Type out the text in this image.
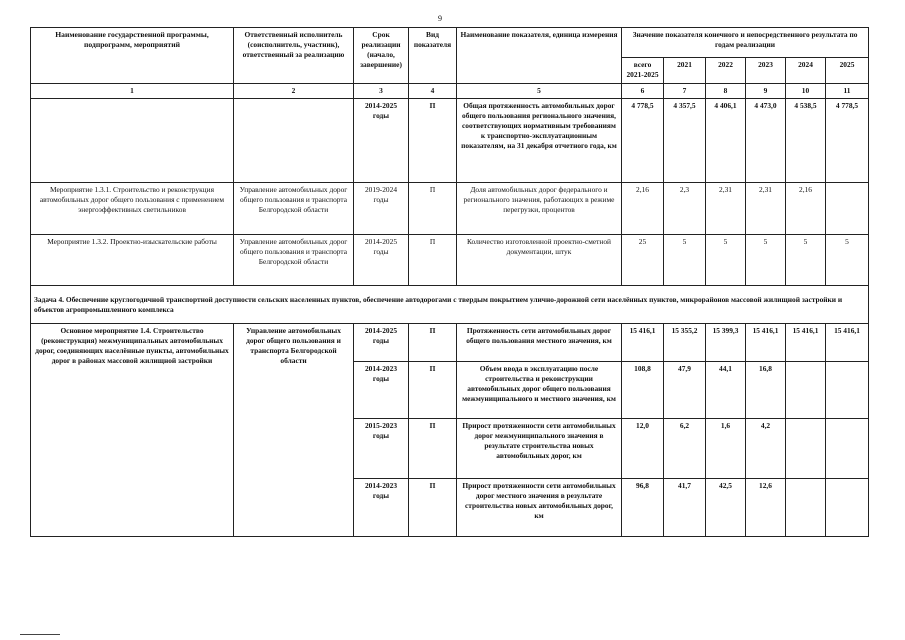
9
Наименование государственной программы, подпрограмм, мероприятий	Ответственный исполнитель (соисполнитель, участник), ответственный за реализацию	Срок реализации (начало, завершение)	Вид показателя	Наименование показателя, единица измерения	Значение показателя конечного и непосредственного результата по годам реализации					
					всего 2021-2025	2021	2022	2023	2024	2025
1	2	3	4	5	6	7	8	9	10	11
		2014-2025 годы	П	Общая протяженность автомобильных дорог общего пользования регионального значения, соответствующих нормативным требованиям к транспортно-эксплуатационным показателям, на 31 декабря отчетного года, км	4 778,5	4 357,5	4 406,1	4 473,0	4 538,5	4 778,5
Мероприятие 1.3.1. Строительство и реконструкция автомобильных дорог общего пользования с применением энергоэффективных светильников	Управление автомобильных дорог общего пользования и транспорта Белгородской области	2019-2024 годы	П	Доля автомобильных дорог федерального и регионального значения, работающих в режиме перегрузки, процентов	2,16	2,3	2,31	2,31	2,16	
Мероприятие 1.3.2. Проектно-изыскательские работы	Управление автомобильных дорог общего пользования и транспорта Белгородской области	2014-2025 годы	П	Количество изготовленной проектно-сметной документации, штук	25	5	5	5	5	5
Задача 4. Обеспечение круглогодичной транспортной доступности сельских населенных пунктов, обеспечение автодорогами с твердым покрытием улично-дорожной сети населённых пунктов, микрорайонов массовой жилищной застройки и объектов агропромышленного комплекса										
Основное мероприятие 1.4. Строительство (реконструкция) межмуниципальных автомобильных дорог, соединяющих населённые пункты, автомобильных дорог в районах массовой жилищной застройки	Управление автомобильных дорог общего пользования и транспорта Белгородской области	2014-2025 годы	П	Протяженность сети автомобильных дорог общего пользования местного значения, км	15 416,1	15 355,2	15 399,3	15 416,1	15 416,1	15 416,1
		2014-2023 годы	П	Объем ввода в эксплуатацию после строительства и реконструкции автомобильных дорог общего пользования межмуниципального и местного значения, км	108,8	47,9	44,1	16,8		
		2015-2023 годы	П	Прирост протяженности сети автомобильных дорог межмуниципального значения в результате строительства новых автомобильных дорог, км	12,0	6,2	1,6	4,2		
		2014-2023 годы	П	Прирост протяженности сети автомобильных дорог местного значения в результате строительства новых автомобильных дорог, км	96,8	41,7	42,5	12,6		
